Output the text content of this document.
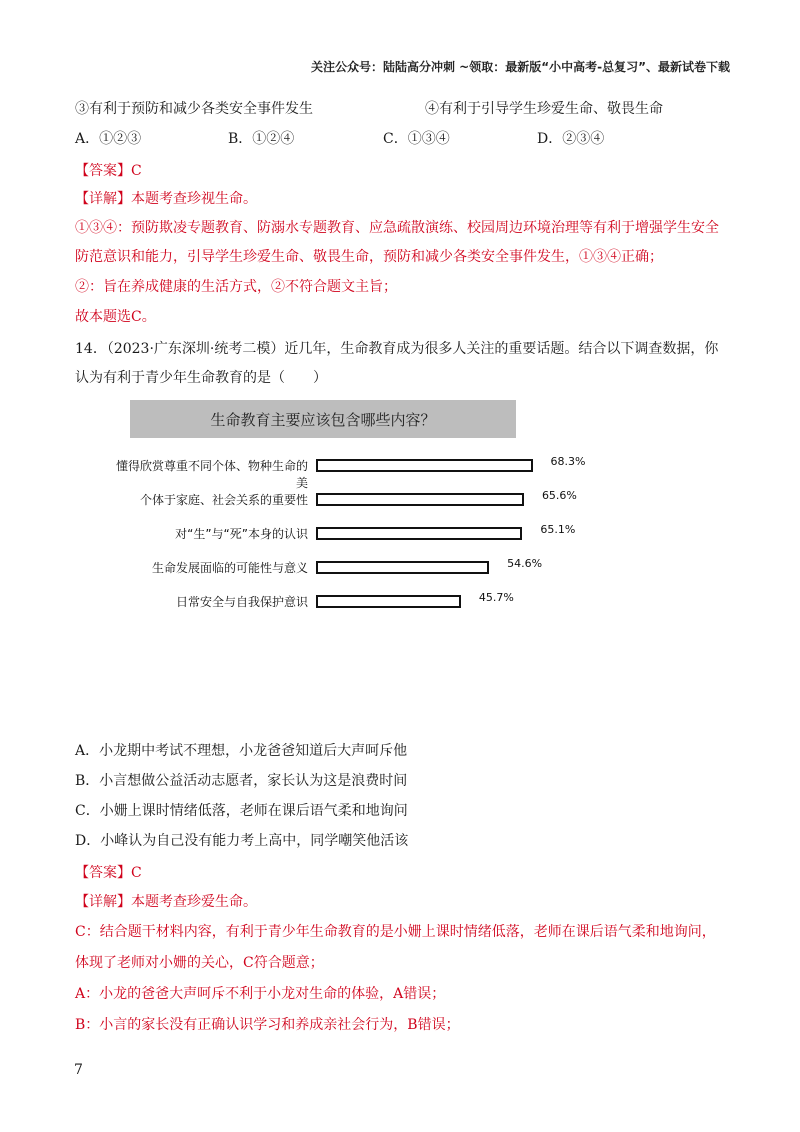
关注公众号：陆陆高分冲刺 ~领取：最新版“小中高考-总复习”、最新试卷下载
③有利于预防和减少各类安全事件发生	④有利于引导学生珍爱生命、敬畏生命
A．①②③	B．①②④	C．①③④	D．②③④
【答案】C
【详解】本题考查珍视生命。
①③④：预防欺凌专题教育、防溺水专题教育、应急疏散演练、校园周边环境治理等有利于增强学生安全
防范意识和能力，引导学生珍爱生命、敬畏生命，预防和减少各类安全事件发生，①③④正确；
②：旨在养成健康的生活方式，②不符合题文主旨；
故本题选C。
14．（2023·广东深圳·统考二模）近几年，生命教育成为很多人关注的重要话题。结合以下调查数据，你
认为有利于青少年生命教育的是（　　）
生命教育主要应该包含哪些内容？
懂得欣赏尊重不同个体、物种生命的美
68.3%
个体于家庭、社会关系的重要性	65.6%
对“生”与“死”本身的认识	65.1%
生命发展面临的可能性与意义	54.6%
日常安全与自我保护意识	45.7%
A．小龙期中考试不理想，小龙爸爸知道后大声呵斥他
B．小言想做公益活动志愿者，家长认为这是浪费时间
C．小姗上课时情绪低落，老师在课后语气柔和地询问
D．小峰认为自己没有能力考上高中，同学嘲笑他活该
【答案】C
【详解】本题考查珍爱生命。
C：结合题干材料内容，有利于青少年生命教育的是小姗上课时情绪低落，老师在课后语气柔和地询问，
体现了老师对小姗的关心，C符合题意；
A：小龙的爸爸大声呵斥不利于小龙对生命的体验，A错误；
B：小言的家长没有正确认识学习和养成亲社会行为，B错误；
7
